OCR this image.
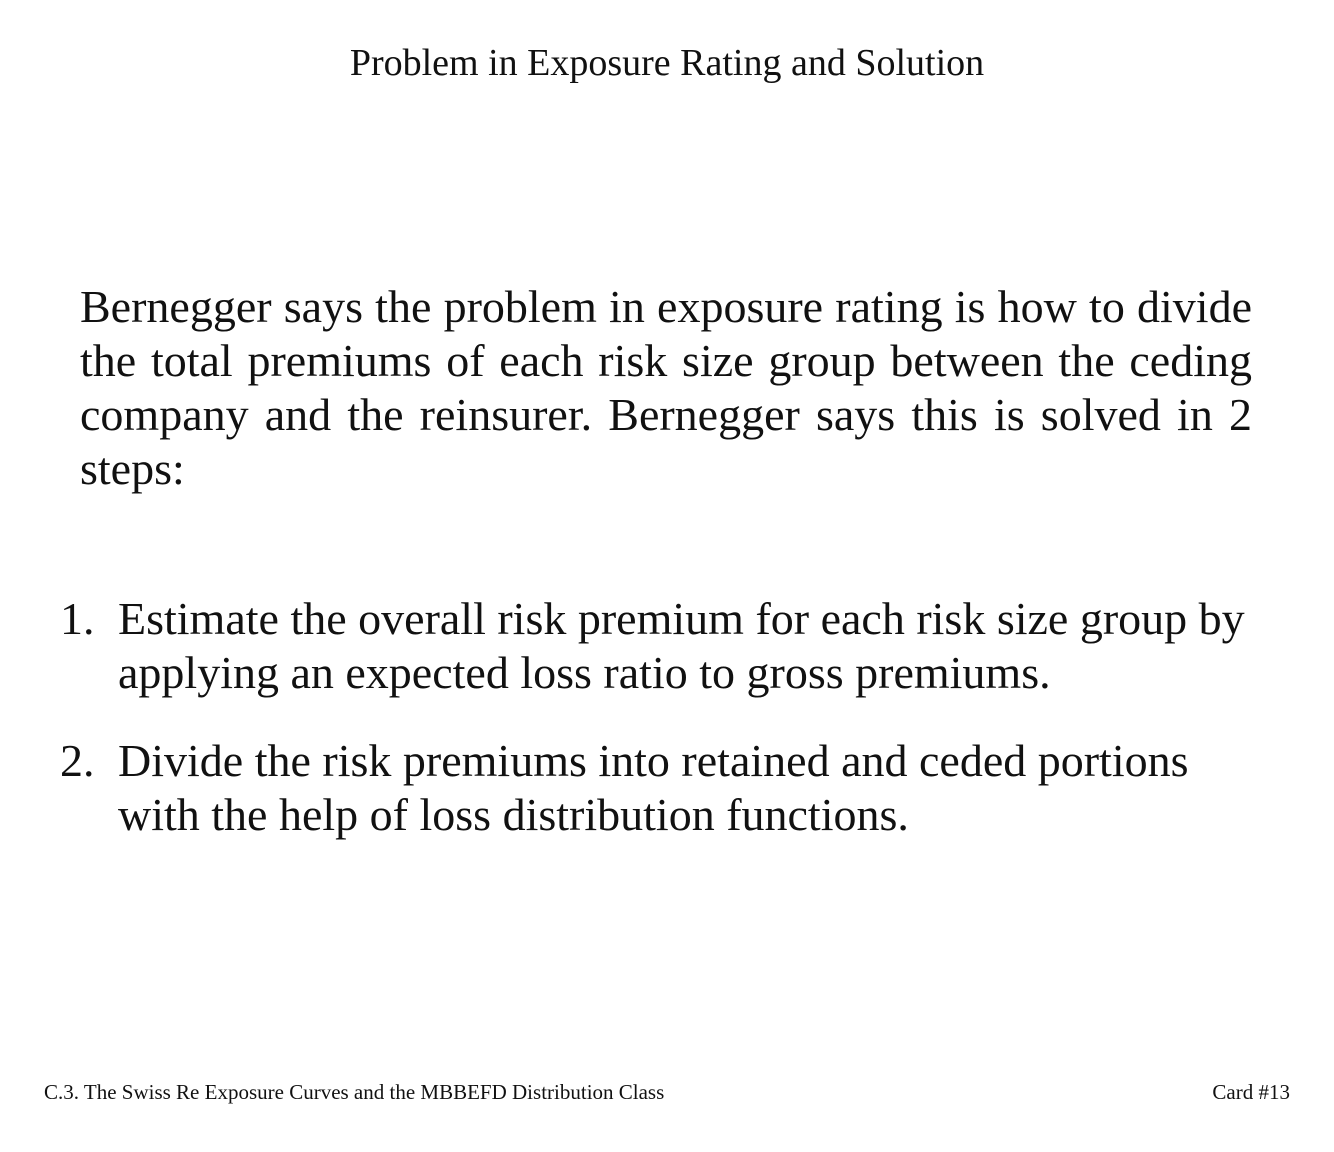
Problem in Exposure Rating and Solution

Bernegger says the problem in exposure rating is how to divide the total premiums of each risk size group between the ceding company and the reinsurer. Bernegger says this is solved in 2 steps:

1. Estimate the overall risk premium for each risk size group by applying an expected loss ratio to gross premiums.
2. Divide the risk premiums into retained and ceded portions with the help of loss distribution functions.
C.3. The Swiss Re Exposure Curves and the MBBEFD Distribution Class	Card #13
